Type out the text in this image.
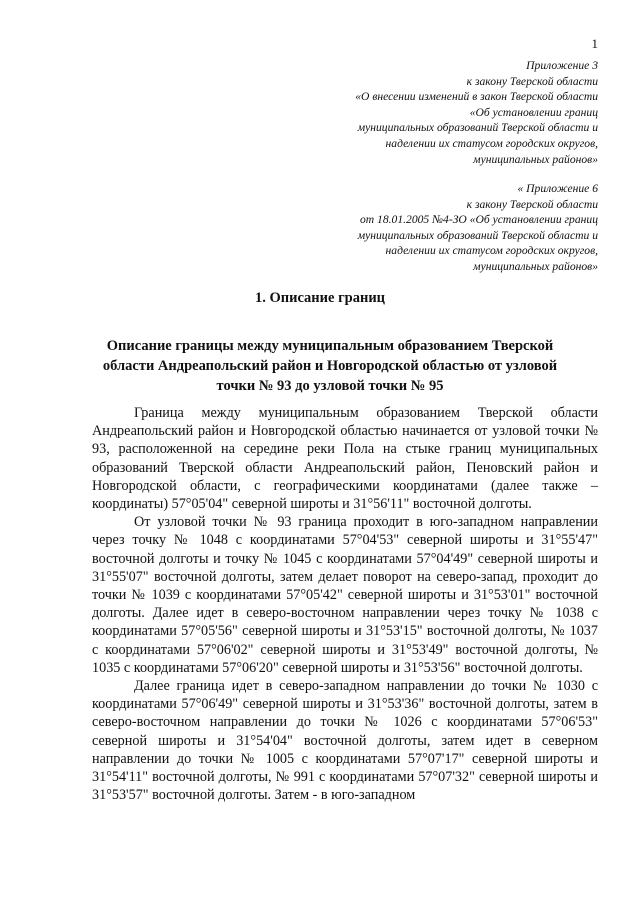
1
Приложение 3
к закону Тверской области
«О внесении изменений в закон Тверской области
«Об установлении границ
муниципальных образований Тверской области и
наделении их статусом городских округов,
муниципальных районов»
« Приложение 6
к закону Тверской области
от 18.01.2005 №4-ЗО «Об установлении границ
муниципальных образований Тверской области и
наделении их статусом городских округов,
муниципальных районов»
1. Описание границ
Описание границы между муниципальным образованием Тверской
области Андреапольский район и Новгородской областью от узловой
точки № 93 до узловой точки № 95

Граница между муниципальным образованием Тверской области Андреапольский район и Новгородской областью начинается от узловой точки № 93, расположенной на середине реки Пола на стыке границ муниципальных образований Тверской области Андреапольский район, Пеновский район и Новгородской области, с географическими координатами (далее также – координаты) 57°05'04" северной широты и 31°56'11" восточной долготы.

От узловой точки № 93 граница проходит в юго-западном направлении через точку № 1048 с координатами 57°04'53" северной широты и 31°55'47" восточной долготы и точку № 1045 с координатами 57°04'49" северной широты и 31°55'07" восточной долготы, затем делает поворот на северо-запад, проходит до точки № 1039 с координатами 57°05'42" северной широты и 31°53'01" восточной долготы. Далее идет в северо-восточном направлении через точку № 1038 с координатами 57°05'56" северной широты и 31°53'15" восточной долготы, № 1037 с координатами 57°06'02" северной широты и 31°53'49" восточной долготы, № 1035 с координатами 57°06'20" северной широты и 31°53'56" восточной долготы.

Далее граница идет в северо-западном направлении до точки № 1030 с координатами 57°06'49" северной широты и 31°53'36" восточной долготы, затем в северо-восточном направлении до точки № 1026 с координатами 57°06'53" северной широты и 31°54'04" восточной долготы, затем идет в северном направлении до точки № 1005 с координатами 57°07'17" северной широты и 31°54'11" восточной долготы, № 991 с координатами 57°07'32" северной широты и 31°53'57" восточной долготы. Затем - в юго-западном
